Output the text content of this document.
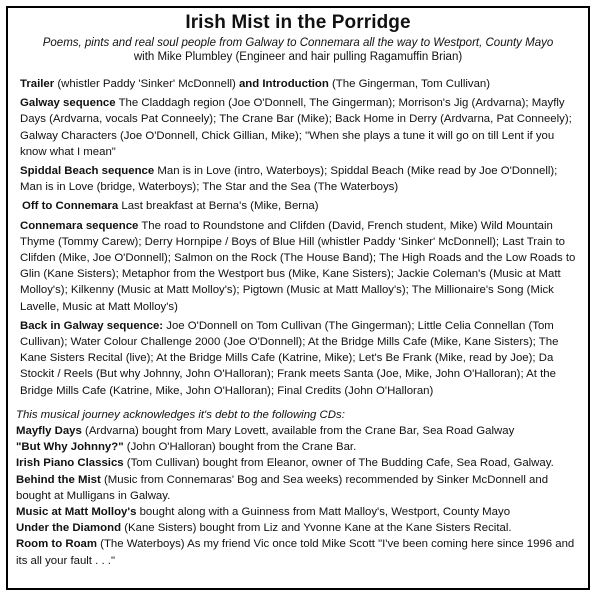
Irish Mist in the Porridge
Poems, pints and real soul people from Galway to Connemara all the way to Westport, County Mayo
with Mike Plumbley (Engineer and hair pulling Ragamuffin Brian)
Trailer (whistler Paddy 'Sinker' McDonnell) and Introduction (The Gingerman, Tom Cullivan)
Galway sequence The Claddagh region (Joe O'Donnell, The Gingerman); Morrison's Jig (Ardvarna); Mayfly Days (Ardvarna, vocals Pat Conneely); The Crane Bar (Mike); Back Home in Derry (Ardvarna, Pat Conneely); Galway Characters (Joe O'Donnell, Chick Gillian, Mike); "When she plays a tune it will go on till Lent if you know what I mean"
Spiddal Beach sequence Man is in Love (intro, Waterboys); Spiddal Beach (Mike read by Joe O'Donnell); Man is in Love (bridge, Waterboys); The Star and the Sea (The Waterboys)
Off to Connemara Last breakfast at Berna's (Mike, Berna)
Connemara sequence The road to Roundstone and Clifden (David, French student, Mike) Wild Mountain Thyme (Tommy Carew); Derry Hornpipe / Boys of Blue Hill (whistler Paddy 'Sinker' McDonnell); Last Train to Clifden (Mike, Joe O'Donnell); Salmon on the Rock (The House Band); The High Roads and the Low Roads to Glin (Kane Sisters); Metaphor from the Westport bus (Mike, Kane Sisters); Jackie Coleman's (Music at Matt Molloy's); Kilkenny (Music at Matt Molloy's); Pigtown (Music at Matt Malloy's); The Millionaire's Song (Mick Lavelle, Music at Matt Molloy's)
Back in Galway sequence: Joe O'Donnell on Tom Cullivan (The Gingerman); Little Celia Connellan (Tom Cullivan); Water Colour Challenge 2000 (Joe O'Donnell); At the Bridge Mills Cafe (Mike, Kane Sisters); The Kane Sisters Recital (live); At the Bridge Mills Cafe (Katrine, Mike); Let's Be Frank (Mike, read by Joe); Da Stockit / Reels (But why Johnny, John O'Halloran); Frank meets Santa (Joe, Mike, John O'Halloran); At the Bridge Mills Cafe (Katrine, Mike, John O'Halloran); Final Credits (John O'Halloran)
This musical journey acknowledges it's debt to the following CDs:
Mayfly Days (Ardvarna) bought from Mary Lovett, available from the Crane Bar, Sea Road Galway
"But Why Johnny?" (John O'Halloran) bought from the Crane Bar.
Irish Piano Classics (Tom Cullivan) bought from Eleanor, owner of The Budding Cafe, Sea Road, Galway.
Behind the Mist (Music from Connemaras' Bog and Sea weeks) recommended by Sinker McDonnell and bought at Mulligans in Galway.
Music at Matt Molloy's bought along with a Guinness from Matt Malloy's, Westport, County Mayo
Under the Diamond (Kane Sisters) bought from Liz and Yvonne Kane at the Kane Sisters Recital.
Room to Roam (The Waterboys) As my friend Vic once told Mike Scott "I've been coming here since 1996 and its all your fault . . ."
